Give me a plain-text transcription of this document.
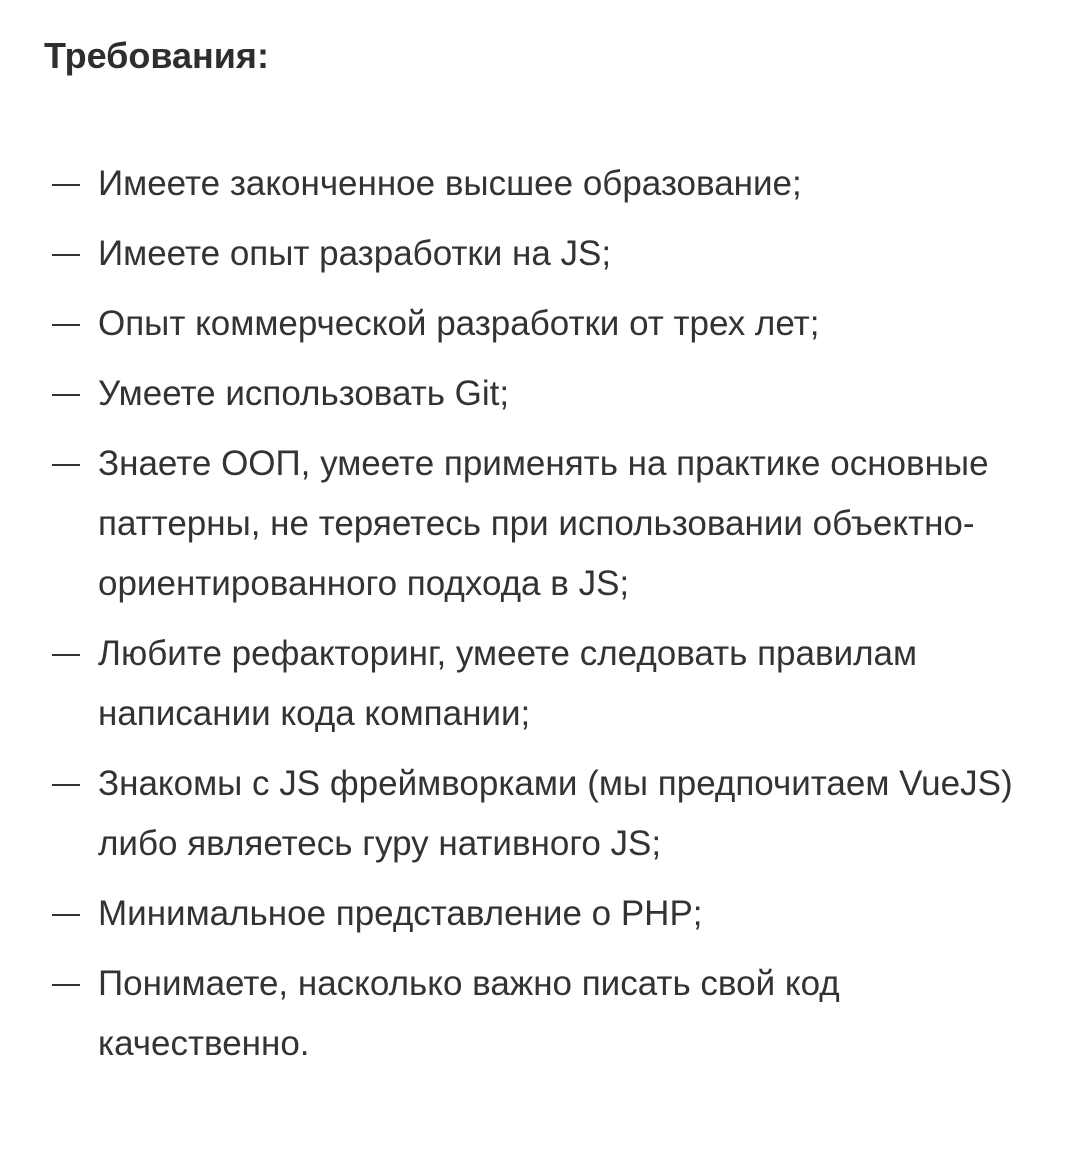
Требования:
Имеете законченное высшее образование;
Имеете опыт разработки на JS;
Опыт коммерческой разработки от трех лет;
Умеете использовать Git;
Знаете ООП, умеете применять на практике основные паттерны, не теряетесь при использовании объектно-ориентированного подхода в JS;
Любите рефакторинг, умеете следовать правилам написании кода компании;
Знакомы с JS фреймворками (мы предпочитаем VueJS) либо являетесь гуру нативного JS;
Минимальное представление о PHP;
Понимаете, насколько важно писать свой код качественно.
